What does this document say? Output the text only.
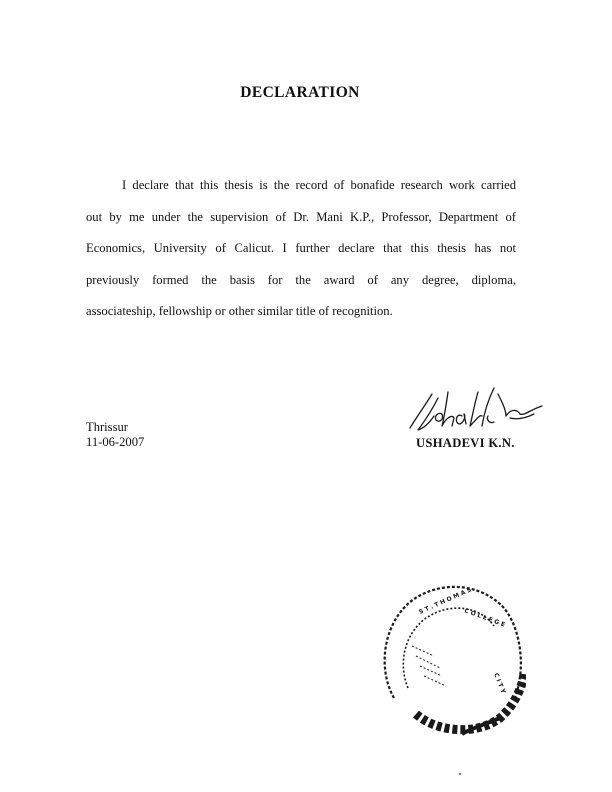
DECLARATION
I declare that this thesis is the record of bonafide research work carried
out by me under the supervision of Dr. Mani K.P., Professor, Department of
Economics, University of Calicut. I further declare that this thesis has not
previously formed the basis for the award of any degree, diploma,
associateship, fellowship or other similar title of recognition.
Thrissur
11-06-2007	USHADEVI K.N.
S T . T H O M A S
C O L L E G E
C I T Y
